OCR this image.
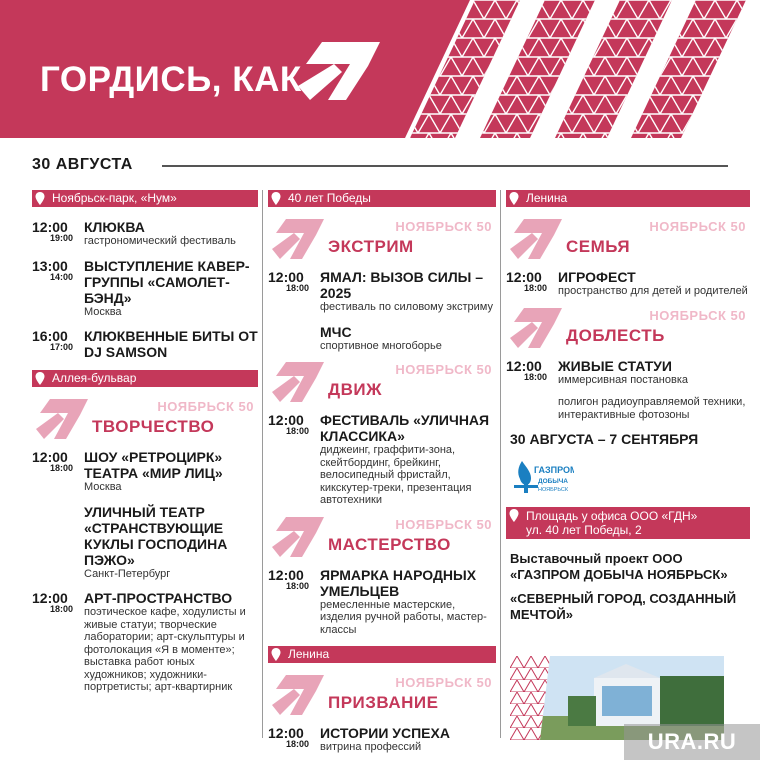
ГОРДИСЬ, КАК
30 АВГУСТА
Ноябрьск-парк, «Нум»
12:00
19:00
КЛЮКВА
гастрономический фестиваль
13:00
14:00
ВЫСТУПЛЕНИЕ КАВЕР-ГРУППЫ «САМОЛЕТ-БЭНД»
Москва
16:00
17:00
КЛЮКВЕННЫЕ БИТЫ ОТ DJ SAMSON
Аллея-бульвар
НОЯБРЬСК 50
ТВОРЧЕСТВО
12:00
18:00
ШОУ «РЕТРОЦИРК» ТЕАТРА «МИР ЛИЦ»
Москва
УЛИЧНЫЙ ТЕАТР «СТРАНСТВУЮЩИЕ КУКЛЫ ГОСПОДИНА ПЭЖО»
Санкт-Петербург
12:00
18:00
АРТ-ПРОСТРАНСТВО
поэтическое кафе, ходулисты и живые статуи; творческие лаборатории; арт-скульптуры и фотолокация «Я в моменте»; выставка работ юных художников; художники-портретисты; арт-квартирник
40 лет Победы
НОЯБРЬСК 50
ЭКСТРИМ
12:00
18:00
ЯМАЛ: ВЫЗОВ СИЛЫ – 2025
фестиваль по силовому экстриму
МЧС
спортивное многоборье
НОЯБРЬСК 50
ДВИЖ
12:00
18:00
ФЕСТИВАЛЬ «УЛИЧНАЯ КЛАССИКА»
диджеинг, граффити-зона, скейтбординг, брейкинг, велосипедный фристайл, кикскутер-треки, презентация автотехники
НОЯБРЬСК 50
МАСТЕРСТВО
12:00
18:00
ЯРМАРКА НАРОДНЫХ УМЕЛЬЦЕВ
ремесленные мастерские, изделия ручной работы, мастер-классы
Ленина
НОЯБРЬСК 50
ПРИЗВАНИЕ
12:00
18:00
ИСТОРИИ УСПЕХА
витрина профессий
Ленина
НОЯБРЬСК 50
СЕМЬЯ
12:00
18:00
ИГРОФЕСТ
пространство для детей и родителей
НОЯБРЬСК 50
ДОБЛЕСТЬ
12:00
18:00
ЖИВЫЕ СТАТУИ
иммерсивная постановка
полигон радиоуправляемой техники, интерактивные фотозоны
30 АВГУСТА – 7 СЕНТЯБРЯ
ГАЗПРОМ
ДОБЫЧА
НОЯБРЬСК
Площадь у офиса ООО «ГДН»
ул. 40 лет Победы, 2
Выставочный проект ООО «ГАЗПРОМ ДОБЫЧА НОЯБРЬСК»
«СЕВЕРНЫЙ ГОРОД, СОЗДАННЫЙ МЕЧТОЙ»
URA.RU
